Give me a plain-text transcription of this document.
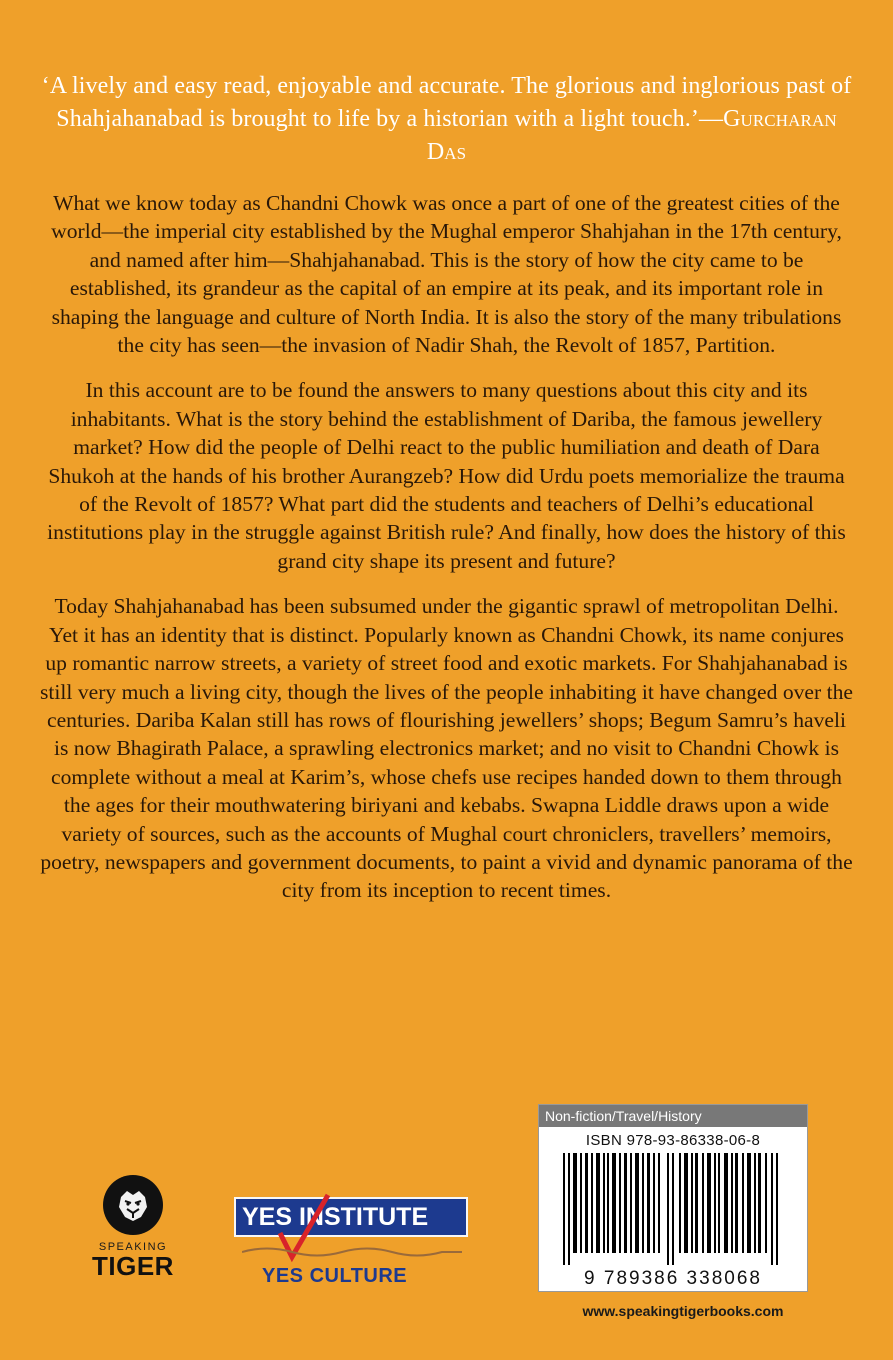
‘A lively and easy read, enjoyable and accurate. The glorious and inglorious past of Shahjahanabad is brought to life by a historian with a light touch.’—Gurcharan Das

What we know today as Chandni Chowk was once a part of one of the greatest cities of the world—the imperial city established by the Mughal emperor Shahjahan in the 17th century, and named after him—Shahjahanabad. This is the story of how the city came to be established, its grandeur as the capital of an empire at its peak, and its important role in shaping the language and culture of North India. It is also the story of the many tribulations the city has seen—the invasion of Nadir Shah, the Revolt of 1857, Partition.

In this account are to be found the answers to many questions about this city and its inhabitants. What is the story behind the establishment of Dariba, the famous jewellery market? How did the people of Delhi react to the public humiliation and death of Dara Shukoh at the hands of his brother Aurangzeb? How did Urdu poets memorialize the trauma of the Revolt of 1857? What part did the students and teachers of Delhi’s educational institutions play in the struggle against British rule? And finally, how does the history of this grand city shape its present and future?

Today Shahjahanabad has been subsumed under the gigantic sprawl of metropolitan Delhi. Yet it has an identity that is distinct. Popularly known as Chandni Chowk, its name conjures up romantic narrow streets, a variety of street food and exotic markets. For Shahjahanabad is still very much a living city, though the lives of the people inhabiting it have changed over the centuries. Dariba Kalan still has rows of flourishing jewellers’ shops; Begum Samru’s haveli is now Bhagirath Palace, a sprawling electronics market; and no visit to Chandni Chowk is complete without a meal at Karim’s, whose chefs use recipes handed down to them through the ages for their mouthwatering biriyani and kebabs. Swapna Liddle draws upon a wide variety of sources, such as the accounts of Mughal court chroniclers, travellers’ memoirs, poetry, newspapers and government documents, to paint a vivid and dynamic panorama of the city from its inception to recent times.

SPEAKING
TIGER
YES INSTITUTE
YES CULTURE
Non-fiction/Travel/History
ISBN 978-93-86338-06-8
9 789386 338068
www.speakingtigerbooks.com
